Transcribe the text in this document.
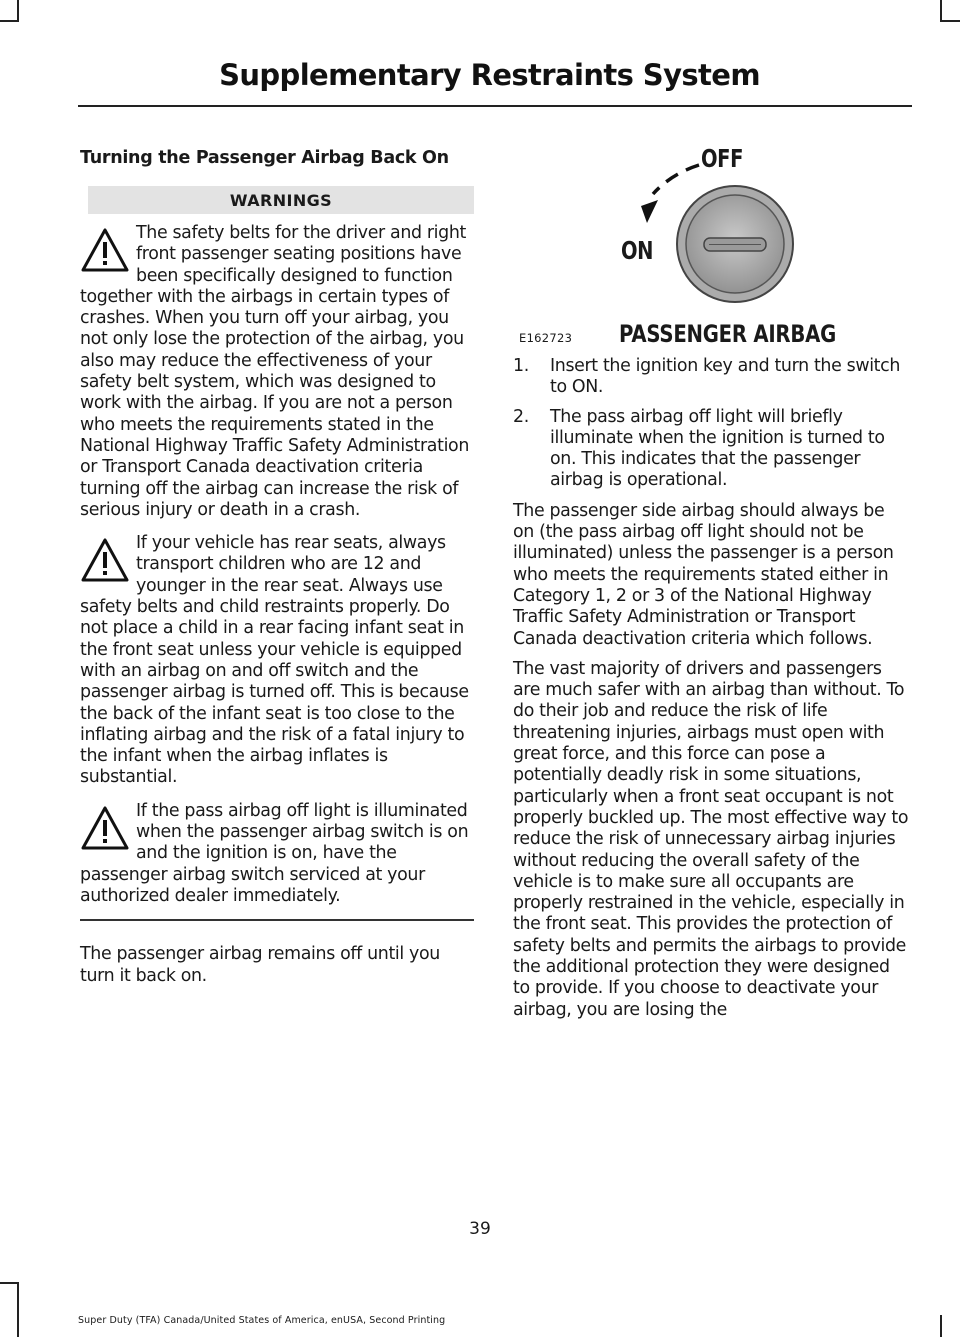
Supplementary Restraints System
Turning the Passenger Airbag Back On
WARNINGS
The safety belts for the driver and right front passenger seating positions have been specifically designed to function together with the airbags in certain types of crashes. When you turn off your airbag, you not only lose the protection of the airbag, you also may reduce the effectiveness of your safety belt system, which was designed to work with the airbag. If you are not a person who meets the requirements stated in the National Highway Traffic Safety Administration or Transport Canada deactivation criteria turning off the airbag can increase the risk of serious injury or death in a crash.
If your vehicle has rear seats, always transport children who are 12 and younger in the rear seat. Always use safety belts and child restraints properly. Do not place a child in a rear facing infant seat in the front seat unless your vehicle is equipped with an airbag on and off switch and the passenger airbag is turned off. This is because the back of the infant seat is too close to the inflating airbag and the risk of a fatal injury to the infant when the airbag inflates is substantial.
If the pass airbag off light is illuminated when the passenger airbag switch is on and the ignition is on, have the passenger airbag switch serviced at your authorized dealer immediately.
The passenger airbag remains off until you turn it back on.
OFF
ON
E162723 PASSENGER AIRBAG
1. Insert the ignition key and turn the switch to ON.
2. The pass airbag off light will briefly illuminate when the ignition is turned to on. This indicates that the passenger airbag is operational.
The passenger side airbag should always be on (the pass airbag off light should not be illuminated) unless the passenger is a person who meets the requirements stated either in Category 1, 2 or 3 of the National Highway Traffic Safety Administration or Transport Canada deactivation criteria which follows.
The vast majority of drivers and passengers are much safer with an airbag than without. To do their job and reduce the risk of life threatening injuries, airbags must open with great force, and this force can pose a potentially deadly risk in some situations, particularly when a front seat occupant is not properly buckled up. The most effective way to reduce the risk of unnecessary airbag injuries without reducing the overall safety of the vehicle is to make sure all occupants are properly restrained in the vehicle, especially in the front seat. This provides the protection of safety belts and permits the airbags to provide the additional protection they were designed to provide. If you choose to deactivate your airbag, you are losing the
39
Super Duty (TFA) Canada/United States of America, enUSA, Second Printing
